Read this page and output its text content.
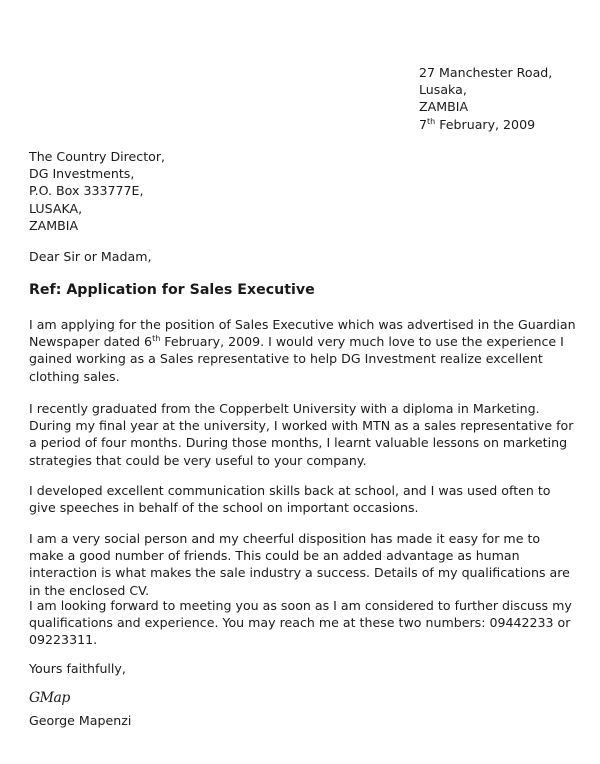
27 Manchester Road,
Lusaka,
ZAMBIA
7th February, 2009
The Country Director,
DG Investments,
P.O. Box 333777E,
LUSAKA,
ZAMBIA
Dear Sir or Madam,
Ref: Application for Sales Executive

I am applying for the position of Sales Executive which was advertised in the Guardian Newspaper dated 6th February, 2009. I would very much love to use the experience I gained working as a Sales representative to help DG Investment realize excellent clothing sales.

I recently graduated from the Copperbelt University with a diploma in Marketing. During my final year at the university, I worked with MTN as a sales representative for a period of four months. During those months, I learnt valuable lessons on marketing strategies that could be very useful to your company.

I developed excellent communication skills back at school, and I was used often to give speeches in behalf of the school on important occasions.

I am a very social person and my cheerful disposition has made it easy for me to make a good number of friends. This could be an added advantage as human interaction is what makes the sale industry a success. Details of my qualifications are in the enclosed CV.

I am looking forward to meeting you as soon as I am considered to further discuss my qualifications and experience. You may reach me at these two numbers: 09442233 or 09223311.

Yours faithfully,
GMap
George Mapenzi
